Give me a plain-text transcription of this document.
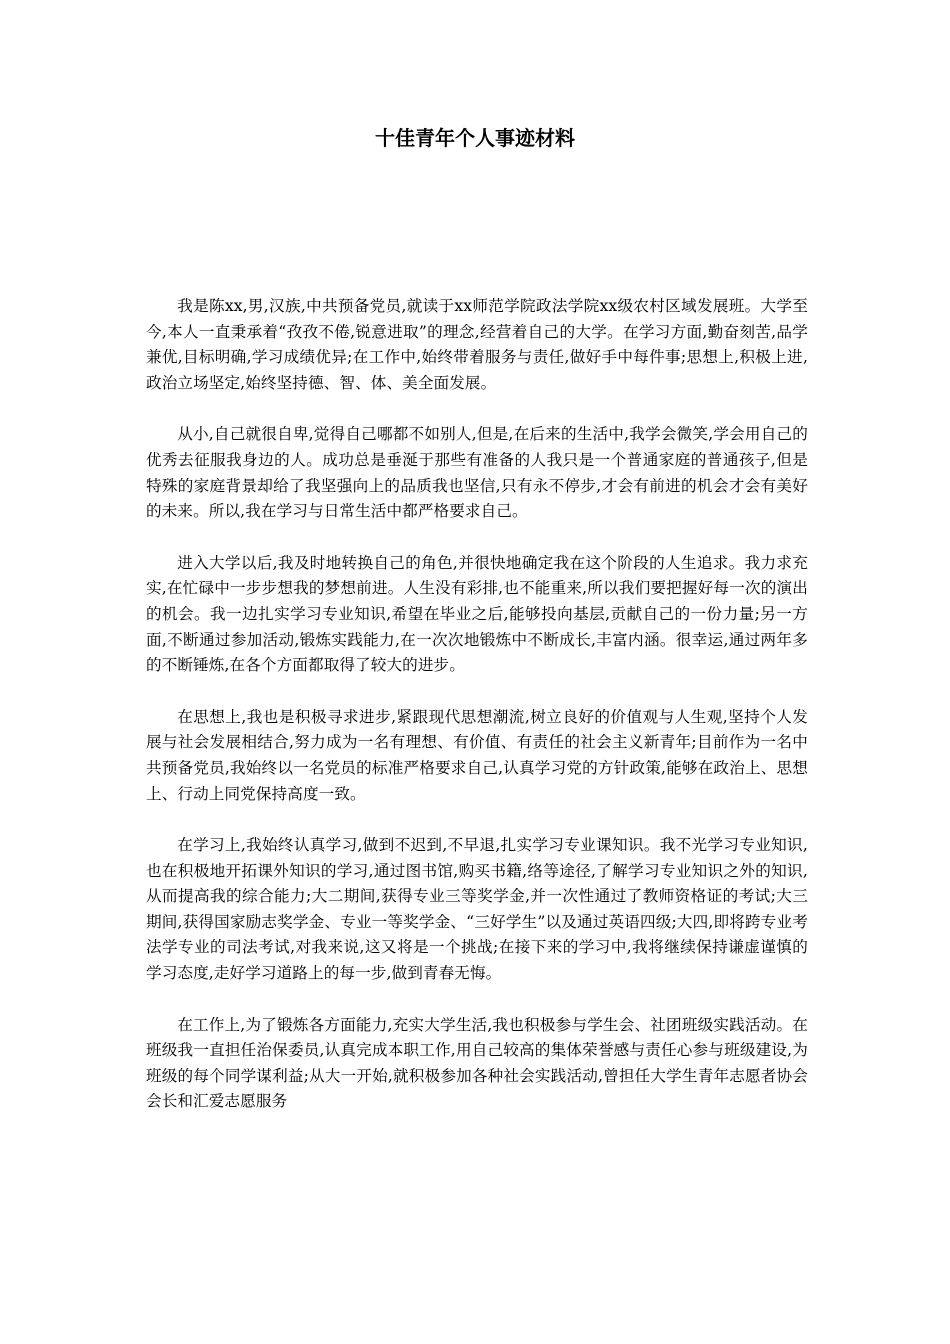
十佳青年个人事迹材料

我是陈xx,男,汉族,中共预备党员,就读于xx师范学院政法学院xx级农村区域发展班。大学至今,本人一直秉承着“孜孜不倦,锐意进取”的理念,经营着自己的大学。在学习方面,勤奋刻苦,品学兼优,目标明确,学习成绩优异;在工作中,始终带着服务与责任,做好手中每件事;思想上,积极上进,政治立场坚定,始终坚持德、智、体、美全面发展。

从小,自己就很自卑,觉得自己哪都不如别人,但是,在后来的生活中,我学会微笑,学会用自己的优秀去征服我身边的人。成功总是垂涎于那些有准备的人我只是一个普通家庭的普通孩子,但是特殊的家庭背景却给了我坚强向上的品质我也坚信,只有永不停步,才会有前进的机会才会有美好的未来。所以,我在学习与日常生活中都严格要求自己。

进入大学以后,我及时地转换自己的角色,并很快地确定我在这个阶段的人生追求。我力求充实,在忙碌中一步步想我的梦想前进。人生没有彩排,也不能重来,所以我们要把握好每一次的演出的机会。我一边扎实学习专业知识,希望在毕业之后,能够投向基层,贡献自己的一份力量;另一方面,不断通过参加活动,锻炼实践能力,在一次次地锻炼中不断成长,丰富内涵。很幸运,通过两年多的不断锤炼,在各个方面都取得了较大的进步。

在思想上,我也是积极寻求进步,紧跟现代思想潮流,树立良好的价值观与人生观,坚持个人发展与社会发展相结合,努力成为一名有理想、有价值、有责任的社会主义新青年;目前作为一名中共预备党员,我始终以一名党员的标准严格要求自己,认真学习党的方针政策,能够在政治上、思想上、行动上同党保持高度一致。

在学习上,我始终认真学习,做到不迟到,不早退,扎实学习专业课知识。我不光学习专业知识,也在积极地开拓课外知识的学习,通过图书馆,购买书籍,络等途径,了解学习专业知识之外的知识,从而提高我的综合能力;大二期间,获得专业三等奖学金,并一次性通过了教师资格证的考试;大三期间,获得国家励志奖学金、专业一等奖学金、“三好学生”以及通过英语四级;大四,即将跨专业考法学专业的司法考试,对我来说,这又将是一个挑战;在接下来的学习中,我将继续保持谦虚谨慎的学习态度,走好学习道路上的每一步,做到青春无悔。

在工作上,为了锻炼各方面能力,充实大学生活,我也积极参与学生会、社团班级实践活动。在班级我一直担任治保委员,认真完成本职工作,用自己较高的集体荣誉感与责任心参与班级建设,为班级的每个同学谋利益;从大一开始,就积极参加各种社会实践活动,曾担任大学生青年志愿者协会会长和汇爱志愿服务
